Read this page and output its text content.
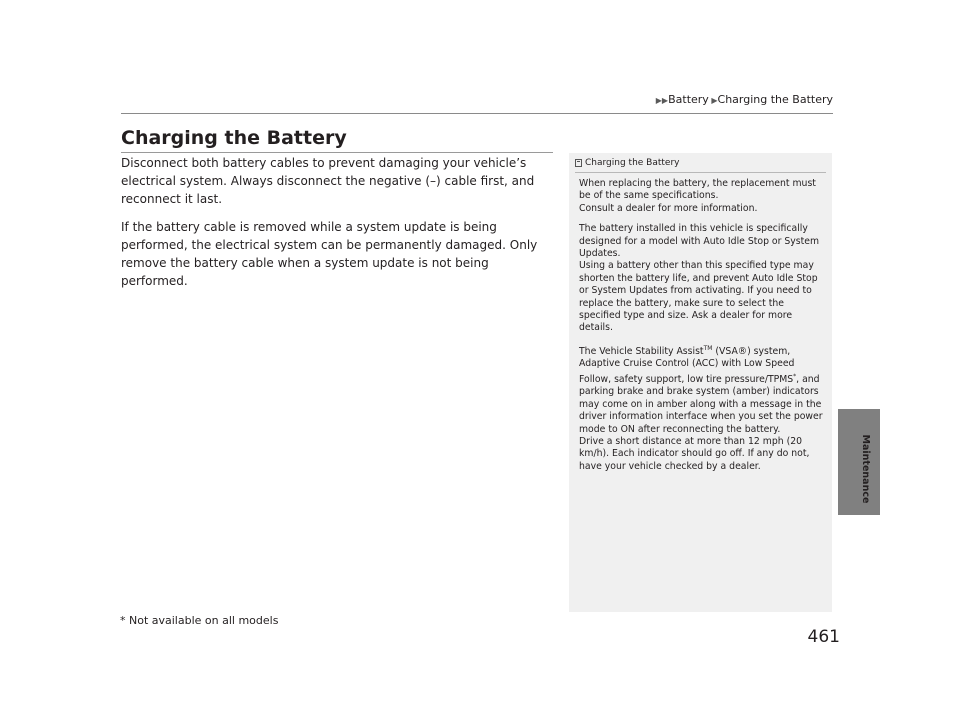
▶▶Battery ▶Charging the Battery
Charging the Battery

Disconnect both battery cables to prevent damaging your vehicle’s electrical system. Always disconnect the negative (–) cable first, and reconnect it last.

If the battery cable is removed while a system update is being performed, the electrical system can be permanently damaged. Only remove the battery cable when a system update is not being performed.

Charging the Battery

When replacing the battery, the replacement must be of the same specifications.
Consult a dealer for more information.

The battery installed in this vehicle is specifically designed for a model with Auto Idle Stop or System Updates.
Using a battery other than this specified type may shorten the battery life, and prevent Auto Idle Stop or System Updates from activating. If you need to replace the battery, make sure to select the specified type and size. Ask a dealer for more details.

The Vehicle Stability Assist™ (VSA®) system, Adaptive Cruise Control (ACC) with Low Speed Follow, safety support, low tire pressure/TPMS*, and parking brake and brake system (amber) indicators may come on in amber along with a message in the driver information interface when you set the power mode to ON after reconnecting the battery.
Drive a short distance at more than 12 mph (20 km/h). Each indicator should go off. If any do not, have your vehicle checked by a dealer.	Maintenance
* Not available on all models
461
